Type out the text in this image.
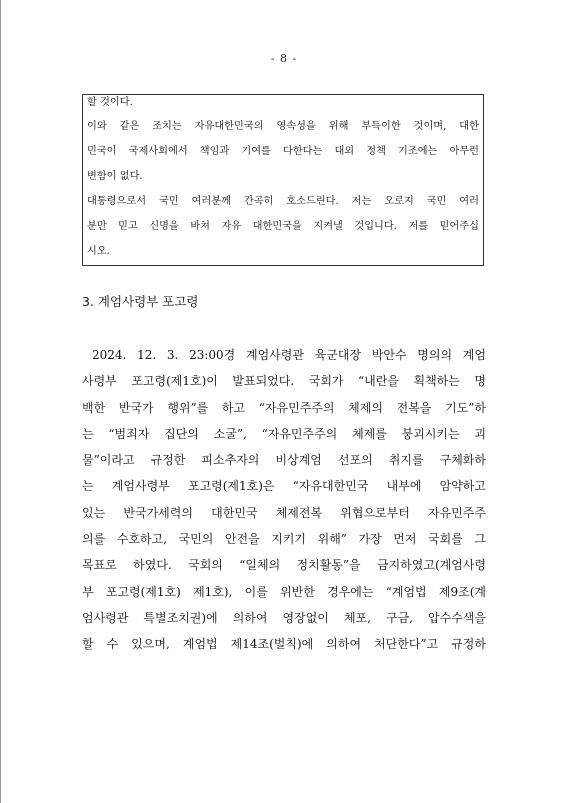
- 8 -
할 것이다.
이와 같은 조치는 자유대한민국의 영속성을 위해 부득이한 것이며, 대한
민국이 국제사회에서 책임과 기여를 다한다는 대외 정책 기조에는 아무런
변함이 없다.
대통령으로서 국민 여러분께 간곡히 호소드린다. 저는 오로지 국민 여러
분만 믿고 신명을 바쳐 자유 대한민국을 지켜낼 것입니다. 저를 믿어주십
시오.
3. 계엄사령부 포고령
2024. 12. 3. 23:00경 계엄사령관 육군대장 박안수 명의의 계엄
사령부 포고령(제1호)이 발표되었다. 국회가 “내란을 획책하는 명
백한 반국가 행위”를 하고 “자유민주주의 체제의 전복을 기도”하
는 “범죄자 집단의 소굴”, “자유민주주의 체제를 붕괴시키는 괴
물”이라고 규정한 피소추자의 비상계엄 선포의 취지를 구체화하
는 계엄사령부 포고령(제1호)은 “자유대한민국 내부에 암약하고
있는 반국가세력의 대한민국 체제전복 위협으로부터 자유민주주
의를 수호하고, 국민의 안전을 지키기 위해” 가장 먼저 국회를 그
목표로 하였다. 국회의 “일체의 정치활동”을 금지하였고(계엄사령
부 포고령(제1호) 제1호), 이를 위반한 경우에는 “계엄법 제9조(계
엄사령관 특별조치권)에 의하여 영장없이 체포, 구금, 압수수색을
할 수 있으며, 계엄법 제14조(벌칙)에 의하여 처단한다”고 규정하
